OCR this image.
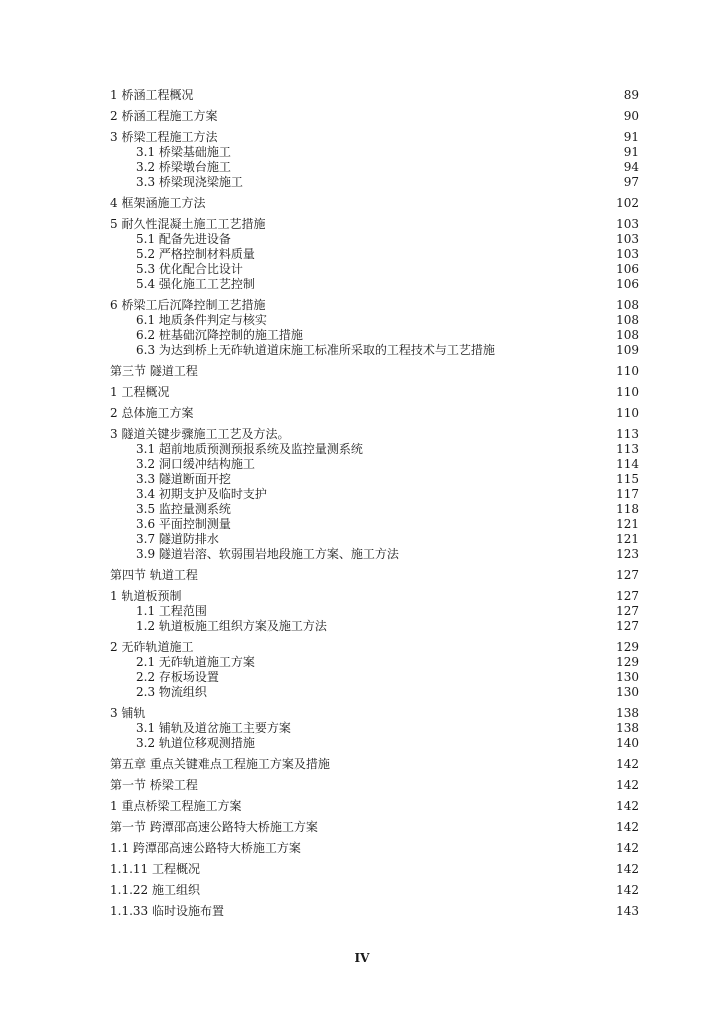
1 桥涵工程概况	89
2 桥涵工程施工方案	90
3 桥梁工程施工方法	91
3.1 桥梁基础施工	91
3.2 桥梁墩台施工	94
3.3 桥梁现浇梁施工	97
4 框架涵施工方法	102
5 耐久性混凝土施工工艺措施	103
5.1 配备先进设备	103
5.2 严格控制材料质量	103
5.3 优化配合比设计	106
5.4 强化施工工艺控制	106
6 桥梁工后沉降控制工艺措施	108
6.1 地质条件判定与核实	108
6.2 桩基础沉降控制的施工措施	108
6.3 为达到桥上无砟轨道道床施工标准所采取的工程技术与工艺措施	109
第三节 隧道工程	110
1 工程概况	110
2 总体施工方案	110
3 隧道关键步骤施工工艺及方法。	113
3.1 超前地质预测预报系统及监控量测系统	113
3.2 洞口缓冲结构施工	114
3.3 隧道断面开挖	115
3.4 初期支护及临时支护	117
3.5 监控量测系统	118
3.6 平面控制测量	121
3.7 隧道防排水	121
3.9 隧道岩溶、软弱围岩地段施工方案、施工方法	123
第四节 轨道工程	127
1 轨道板预制	127
1.1 工程范围	127
1.2 轨道板施工组织方案及施工方法	127
2 无砟轨道施工	129
2.1 无砟轨道施工方案	129
2.2 存板场设置	130
2.3 物流组织	130
3 铺轨	138
3.1 铺轨及道岔施工主要方案	138
3.2 轨道位移观测措施	140
第五章 重点关键难点工程施工方案及措施	142
第一节 桥梁工程	142
1 重点桥梁工程施工方案	142
第一节 跨潭邵高速公路特大桥施工方案	142
1.1 跨潭邵高速公路特大桥施工方案	142
1.1.11 工程概况	142
1.1.22 施工组织	142
1.1.33 临时设施布置	143
IV
